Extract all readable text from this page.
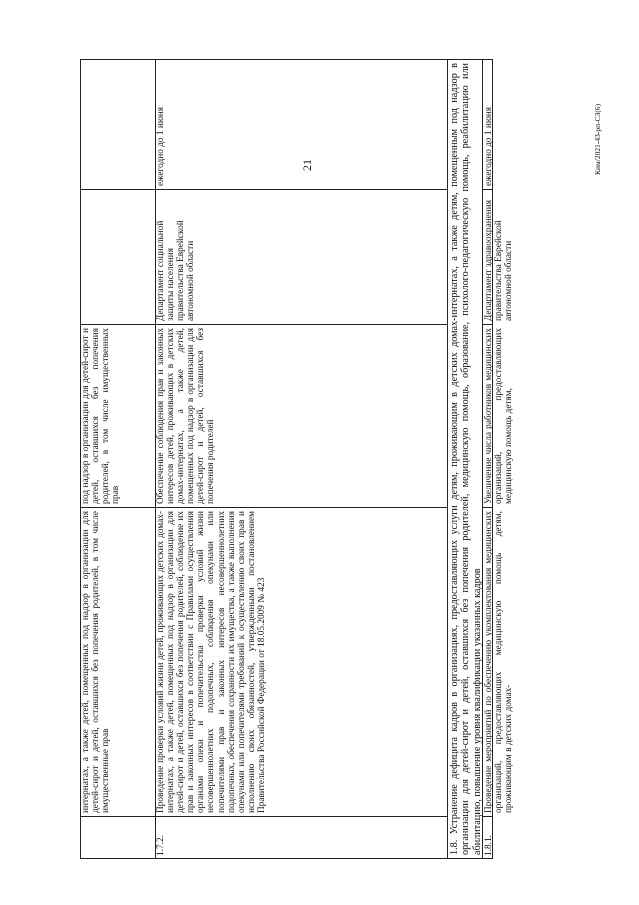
21	Ким/2021-43-рп-СЗ(6)
интернатах, а также детей, помещенных под надзор в организации для детей-сирот и детей, оставшихся без попечения родителей, в том числе имущественные прав
под надзор в организации для детей-сирот и детей, оставшихся без попечения родителей, в том числе имущественных прав
1.7.2.
Проведение проверки условий жизни детей, проживающих детских домах-интернатах, а также детей, помещенных под надзор в организации для детей-сирот и детей, оставшихся без попечения родителей, соблюдение их прав и законных интересов в соответствии с Правилами осуществления органами опеки и попечительства проверки условий жизни несовершеннолетних подопечных, соблюдения опекунами или попечителями прав и законных интересов несовершеннолетних подопечных, обеспечения сохранности их имущества, а также выполнения опекунами или попечителями требований к осуществлению своих прав и исполнению своих обязанностей, утвержденными постановлением Правительства Российской Федерации от 18.05.2009 № 423
Обеспечение соблюдения прав и законных интересов детей, проживающих в детских домах-интернатах, а также детей, помещенных под надзор в организации для детей-сирот и детей, оставшихся без попечения родителей
Департамент социальной защиты населения правительства Еврейской автономной области
ежегодно до 1 июня	1.8. Устранение дефицита кадров в организациях, предоставляющих услуги детям, проживающим в детских домах-интернатах, а также детям, помещенным под надзор в организации для детей-сирот и детей, оставшихся без попечения родителей, медицинскую помощь, образование, психолого-педагогическую помощь, реабилитацию или абилитацию, повышение уровня квалификации указанных кадров 1.8.1.
Проведение мероприятий по обеспечению укомплектования медицинских организаций, предоставляющих медицинскую помощь детям, проживающим в детских домах-
Увеличение числа работников медицинских организаций, предоставляющих медицинскую помощь детям,
Департамент здравоохранения правительства Еврейской автономной области
ежегодно до 1 июня
